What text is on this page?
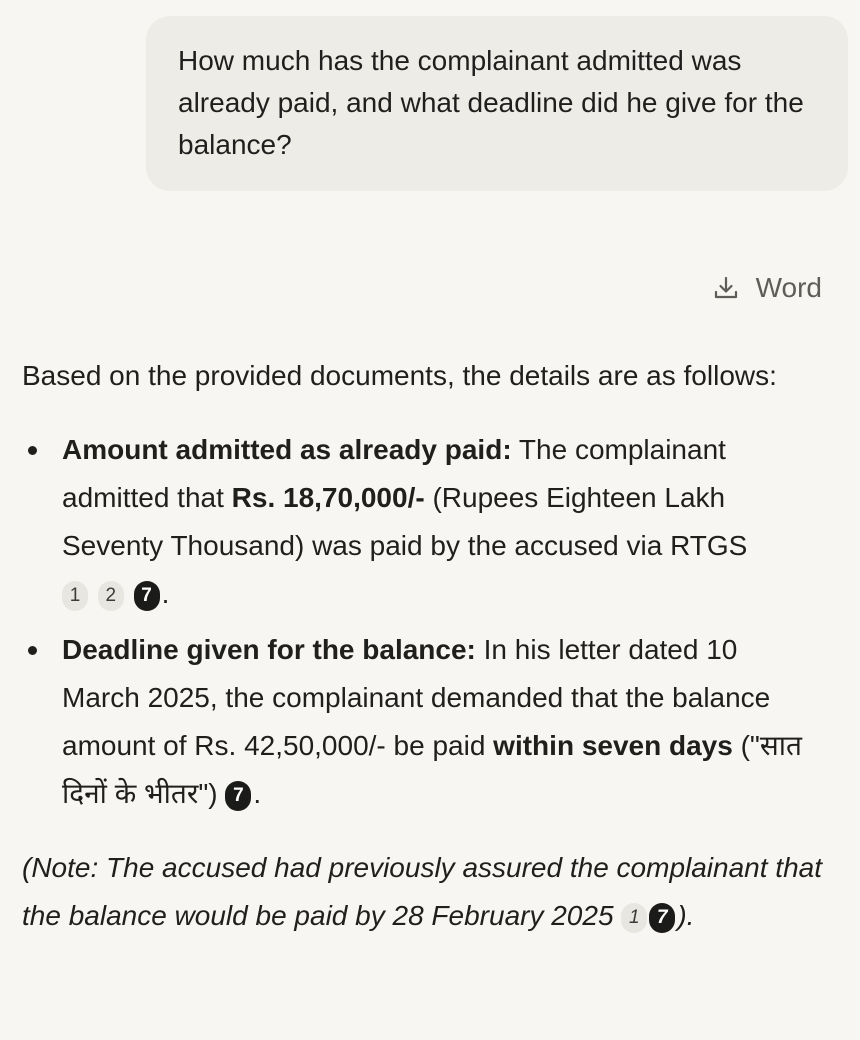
How much has the complainant admitted was already paid, and what deadline did he give for the balance?
Word

Based on the provided documents, the details are as follows:

Amount admitted as already paid: The complainant admitted that Rs. 18,70,000/- (Rupees Eighteen Lakh Seventy Thousand) was paid by the accused via RTGS
1 2 7 .
Deadline given for the balance: In his letter dated 10 March 2025, the complainant demanded that the balance amount of Rs. 42,50,000/- be paid within seven days ("सात दिनों के भीतर") 7 .

(Note: The accused had previously assured the complainant that the balance would be paid by 28 February 2025 1 7 ).
